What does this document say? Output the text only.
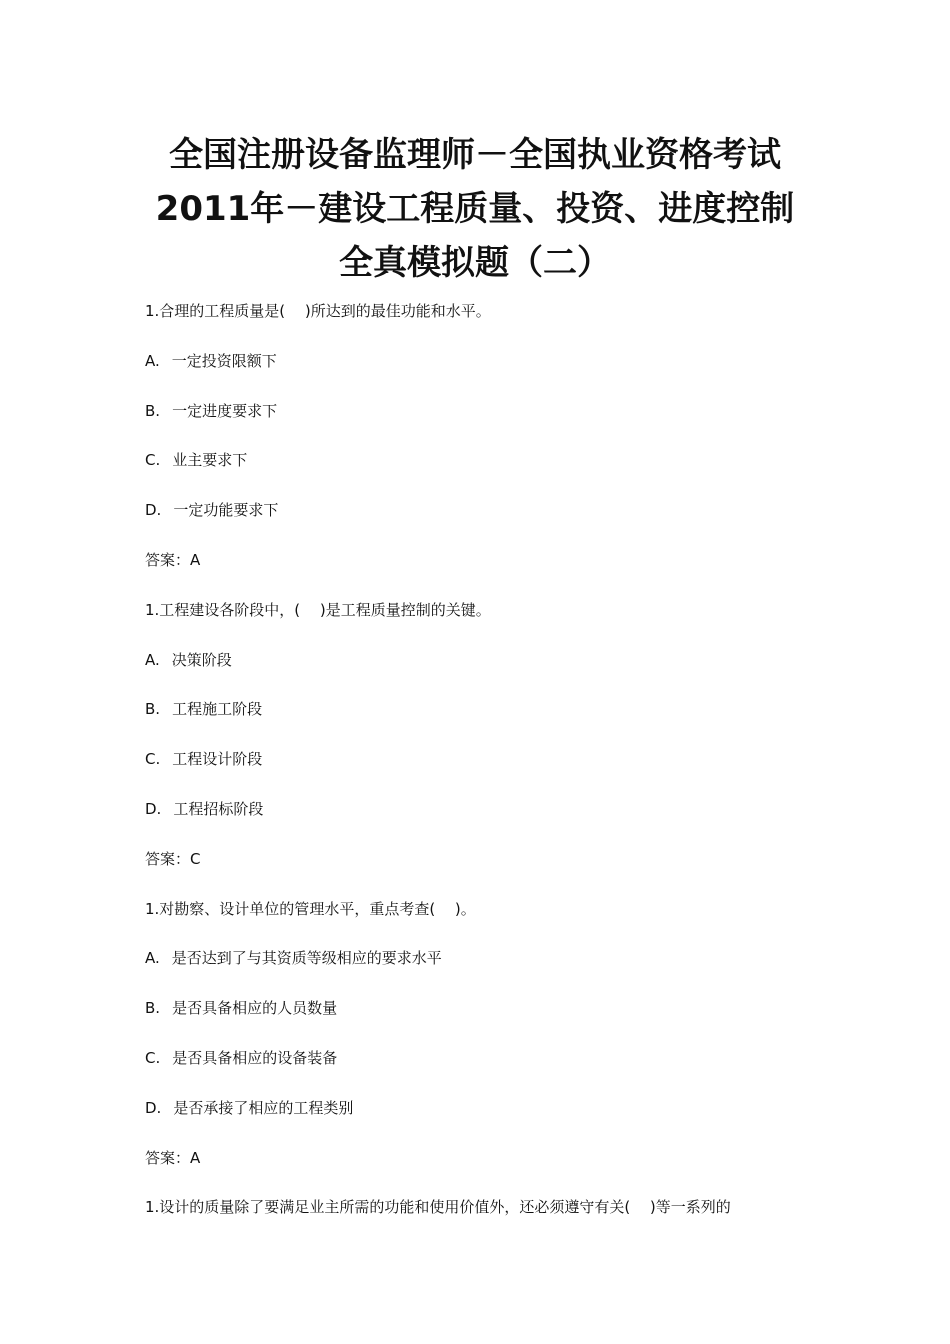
全国注册设备监理师－全国执业资格考试
2011年－建设工程质量、投资、进度控制
全真模拟题（二）
1.合理的工程质量是(　 )所达到的最佳功能和水平。
A. 一定投资限额下
B. 一定进度要求下
C. 业主要求下
D. 一定功能要求下
答案：A
1.工程建设各阶段中，(　 )是工程质量控制的关键。
A. 决策阶段
B. 工程施工阶段
C. 工程设计阶段
D. 工程招标阶段
答案：C
1.对勘察、设计单位的管理水平，重点考查(　 )。
A. 是否达到了与其资质等级相应的要求水平
B. 是否具备相应的人员数量
C. 是否具备相应的设备装备
D. 是否承接了相应的工程类别
答案：A
1.设计的质量除了要满足业主所需的功能和使用价值外，还必须遵守有关(　 )等一系列的
